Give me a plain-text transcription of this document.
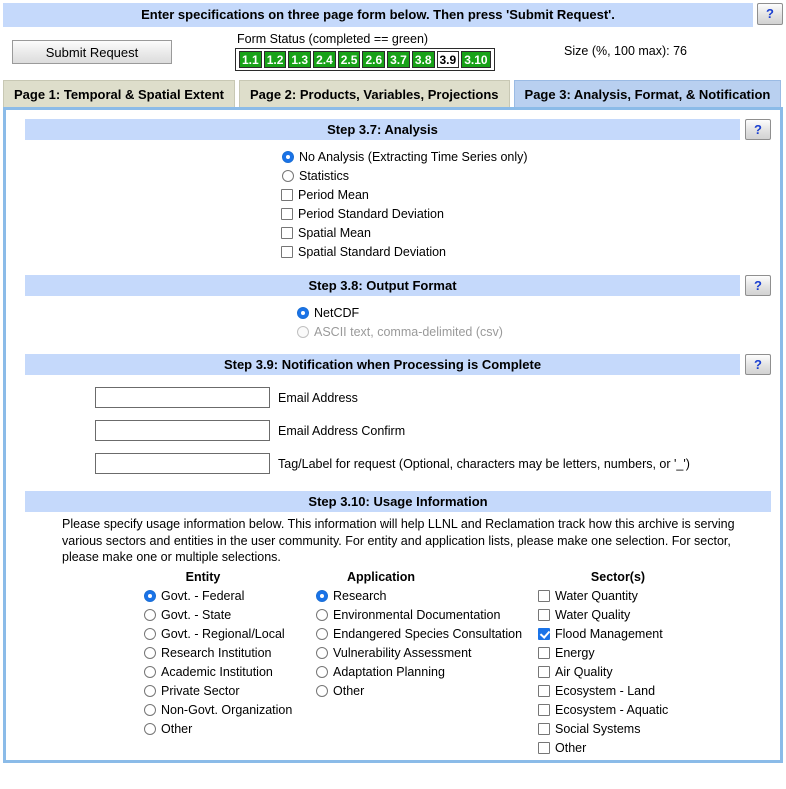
Enter specifications on three page form below. Then press 'Submit Request'.	?
Submit Request
Form Status (completed == green)
1.1 1.2 1.3 2.4 2.5 2.6 3.7 3.8 3.9 3.10
Size (%, 100 max): 76
Page 1: Temporal & Spatial Extent	Page 2: Products, Variables, Projections	Page 3: Analysis, Format, & Notification
Step 3.7: Analysis	?
No Analysis (Extracting Time Series only)
Statistics
Period Mean
Period Standard Deviation
Spatial Mean
Spatial Standard Deviation
Step 3.8: Output Format	?
NetCDF
ASCII text, comma-delimited (csv)
Step 3.9: Notification when Processing is Complete	?
Email Address
Email Address Confirm
Tag/Label for request (Optional, characters may be letters, numbers, or '_')
Step 3.10: Usage Information
Please specify usage information below. This information will help LLNL and Reclamation track how this archive is serving various sectors and entities in the user community. For entity and application lists, please make one selection. For sector, please make one or multiple selections.
Entity
Govt. - Federal
Govt. - State
Govt. - Regional/Local
Research Institution
Academic Institution
Private Sector
Non-Govt. Organization
Other
Application
Research
Environmental Documentation
Endangered Species Consultation
Vulnerability Assessment
Adaptation Planning
Other
Sector(s)
Water Quantity
Water Quality
Flood Management
Energy
Air Quality
Ecosystem - Land
Ecosystem - Aquatic
Social Systems
Other
